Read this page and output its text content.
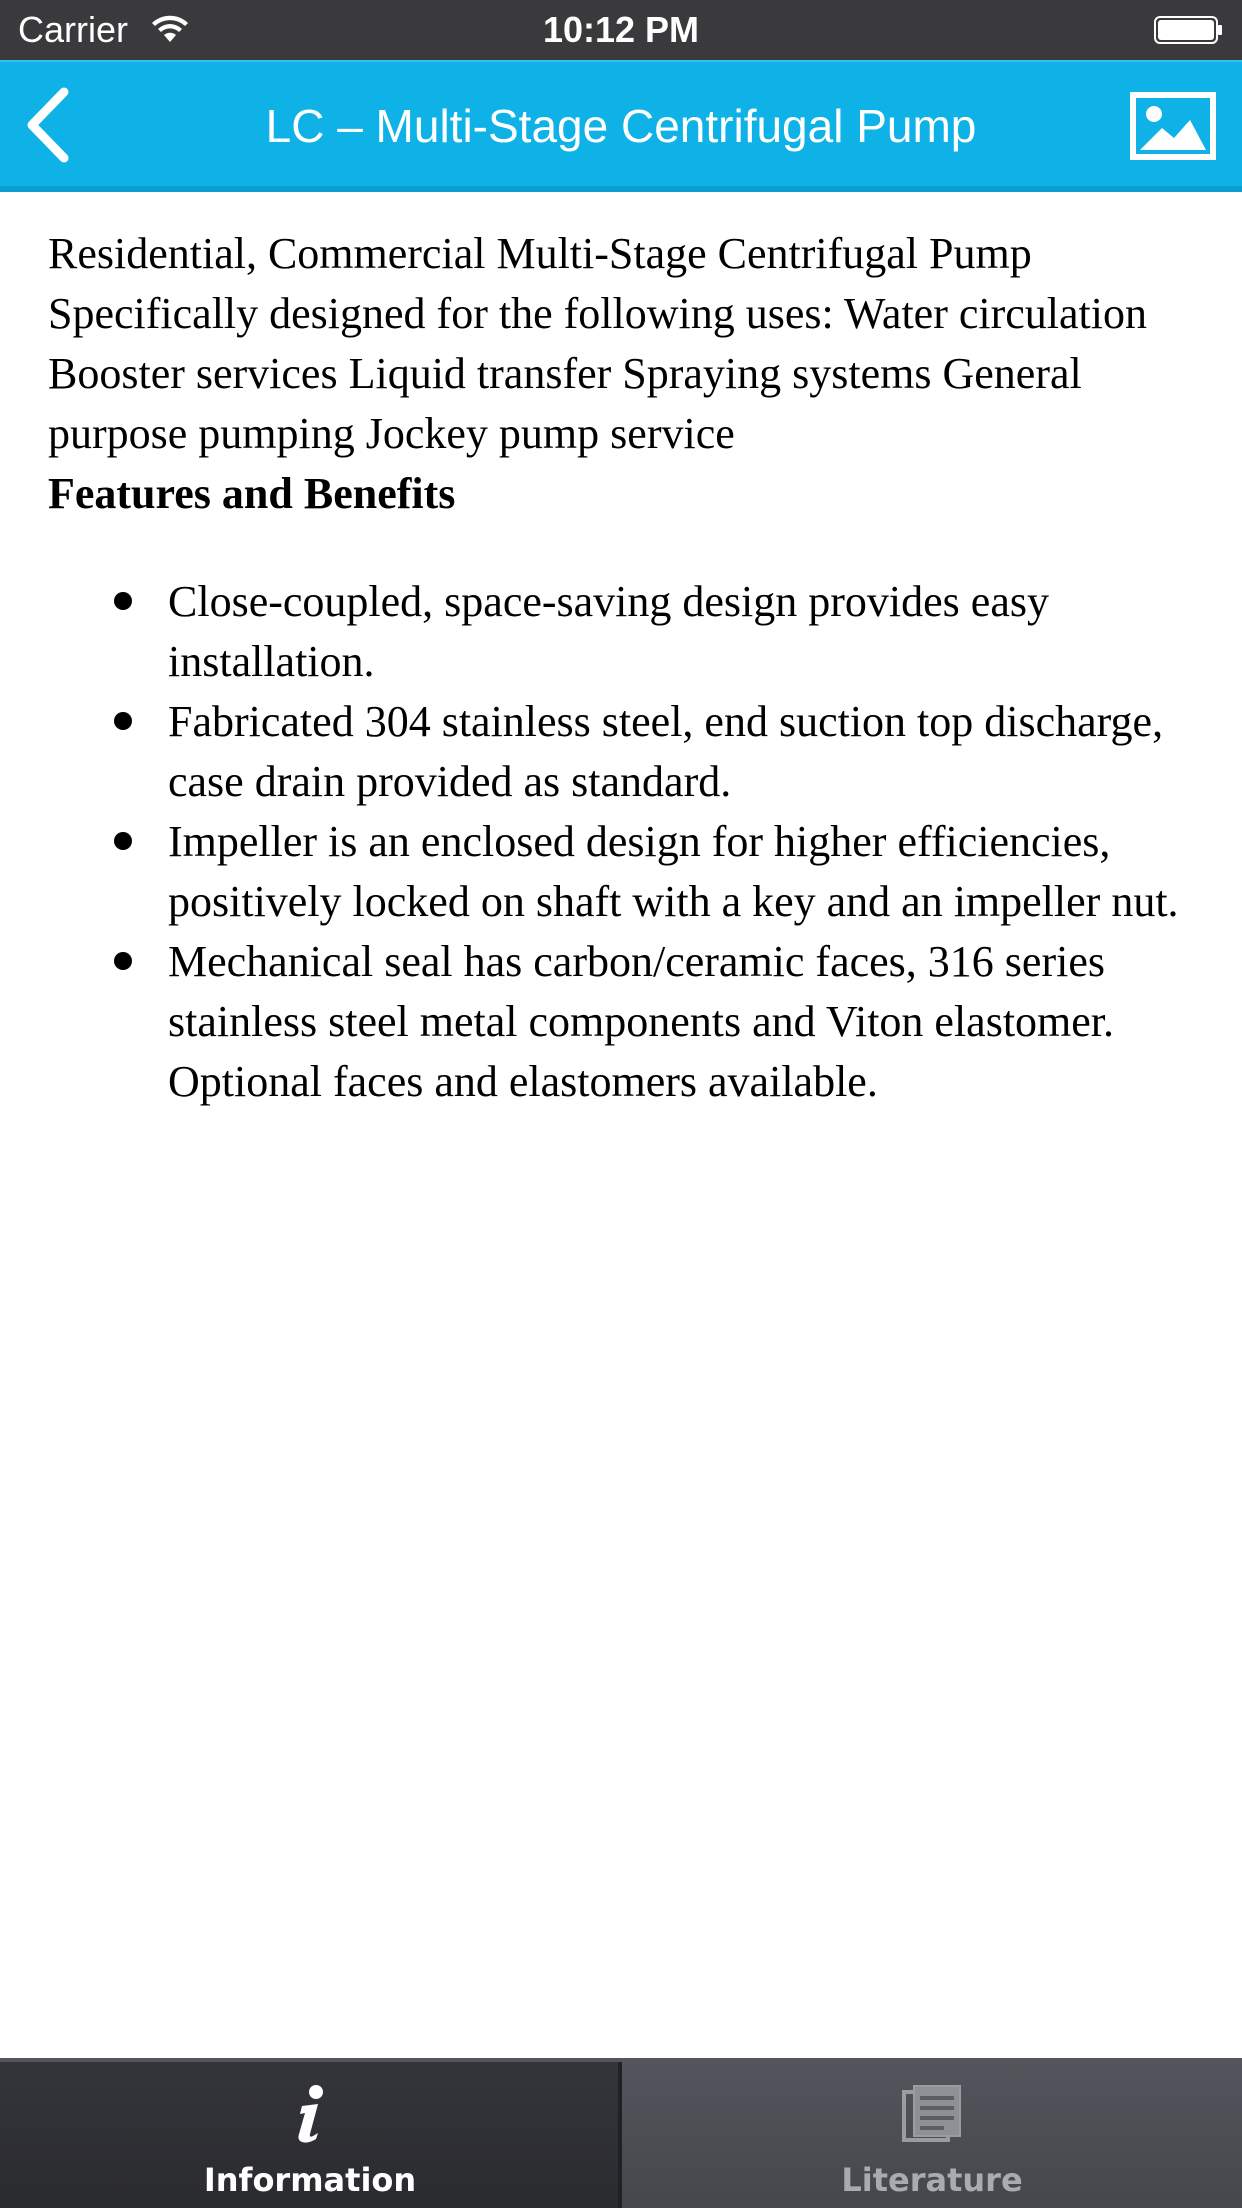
Carrier	10:12 PM
LC – Multi-Stage Centrifugal Pump

Residential, Commercial Multi-Stage Centrifugal Pump Specifically designed for the following uses: Water circulation Booster services Liquid transfer Spraying systems General purpose pumping Jockey pump service

Features and Benefits

Close-coupled, space-saving design provides easy installation.
Fabricated 304 stainless steel, end suction top discharge, case drain provided as standard.
Impeller is an enclosed design for higher efficiencies, positively locked on shaft with a key and an impeller nut.
Mechanical seal has carbon/ceramic faces, 316 series stainless steel metal components and Viton elastomer. Optional faces and elastomers available.
Information	Literature
